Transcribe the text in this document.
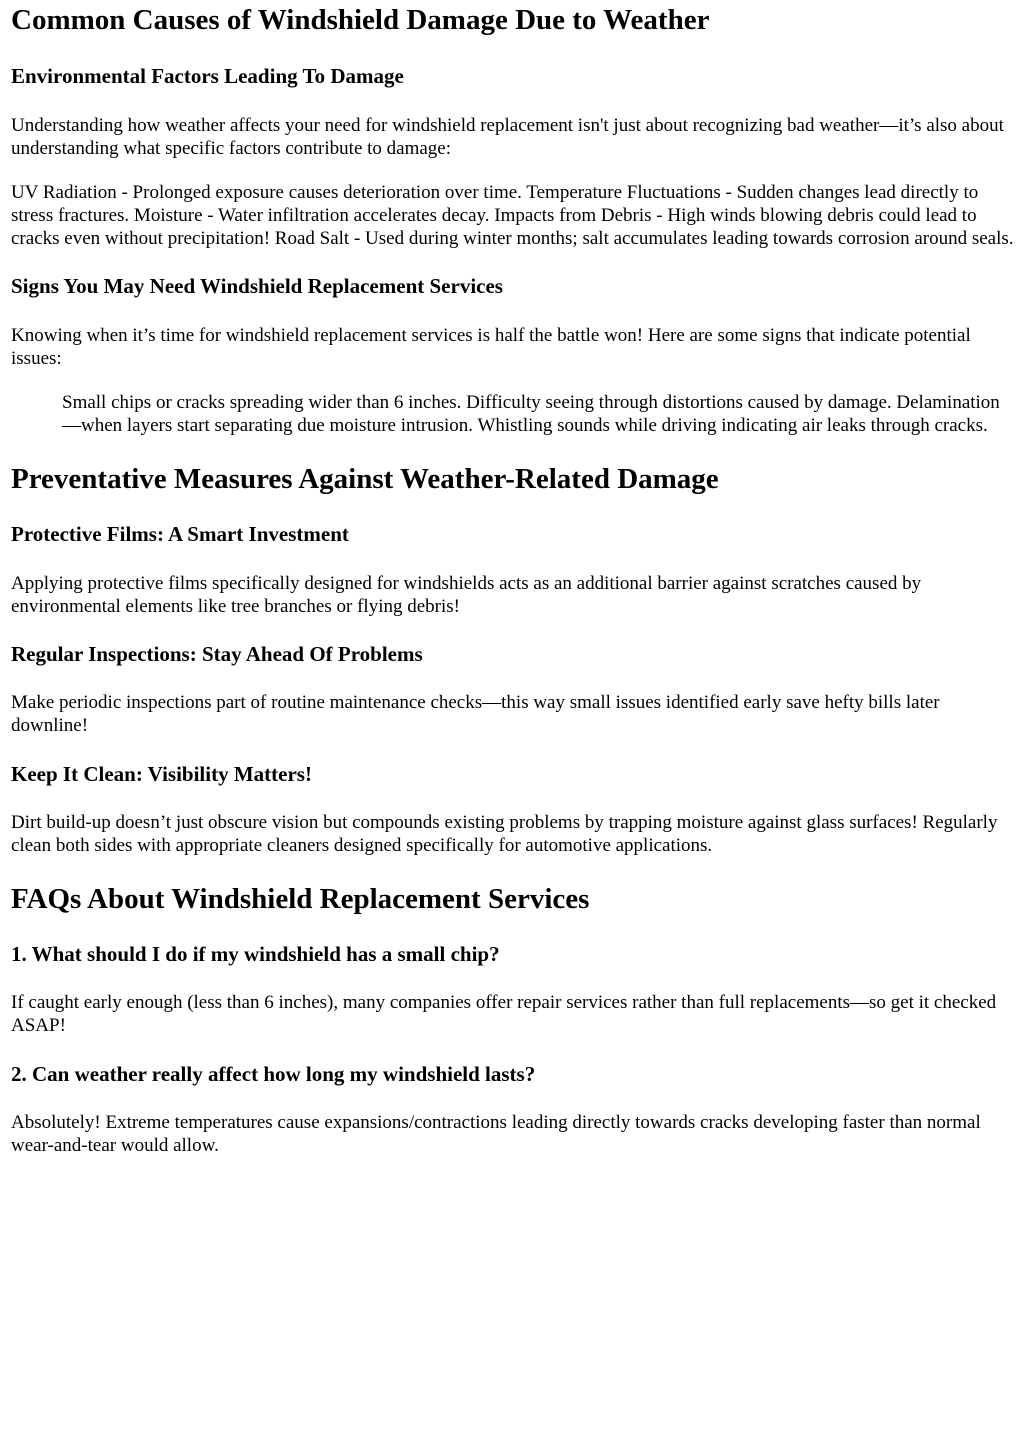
Common Causes of Windshield Damage Due to Weather
Environmental Factors Leading To Damage

Understanding how weather affects your need for windshield replacement isn't just about recognizing bad weather—it’s also about understanding what specific factors contribute to damage:

UV Radiation - Prolonged exposure causes deterioration over time. Temperature Fluctuations - Sudden changes lead directly to stress fractures. Moisture - Water infiltration accelerates decay. Impacts from Debris - High winds blowing debris could lead to cracks even without precipitation! Road Salt - Used during winter months; salt accumulates leading towards corrosion around seals.

Signs You May Need Windshield Replacement Services

Knowing when it’s time for windshield replacement services is half the battle won! Here are some signs that indicate potential issues:

Small chips or cracks spreading wider than 6 inches. Difficulty seeing through distortions caused by damage. Delamination—when layers start separating due moisture intrusion. Whistling sounds while driving indicating air leaks through cracks.
Preventative Measures Against Weather-Related Damage
Protective Films: A Smart Investment

Applying protective films specifically designed for windshields acts as an additional barrier against scratches caused by environmental elements like tree branches or flying debris!

Regular Inspections: Stay Ahead Of Problems

Make periodic inspections part of routine maintenance checks—this way small issues identified early save hefty bills later downline!

Keep It Clean: Visibility Matters!

Dirt build-up doesn’t just obscure vision but compounds existing problems by trapping moisture against glass surfaces! Regularly clean both sides with appropriate cleaners designed specifically for automotive applications.

FAQs About Windshield Replacement Services
1. What should I do if my windshield has a small chip?

If caught early enough (less than 6 inches), many companies offer repair services rather than full replacements—so get it checked ASAP!

2. Can weather really affect how long my windshield lasts?

Absolutely! Extreme temperatures cause expansions/contractions leading directly towards cracks developing faster than normal wear-and-tear would allow.
